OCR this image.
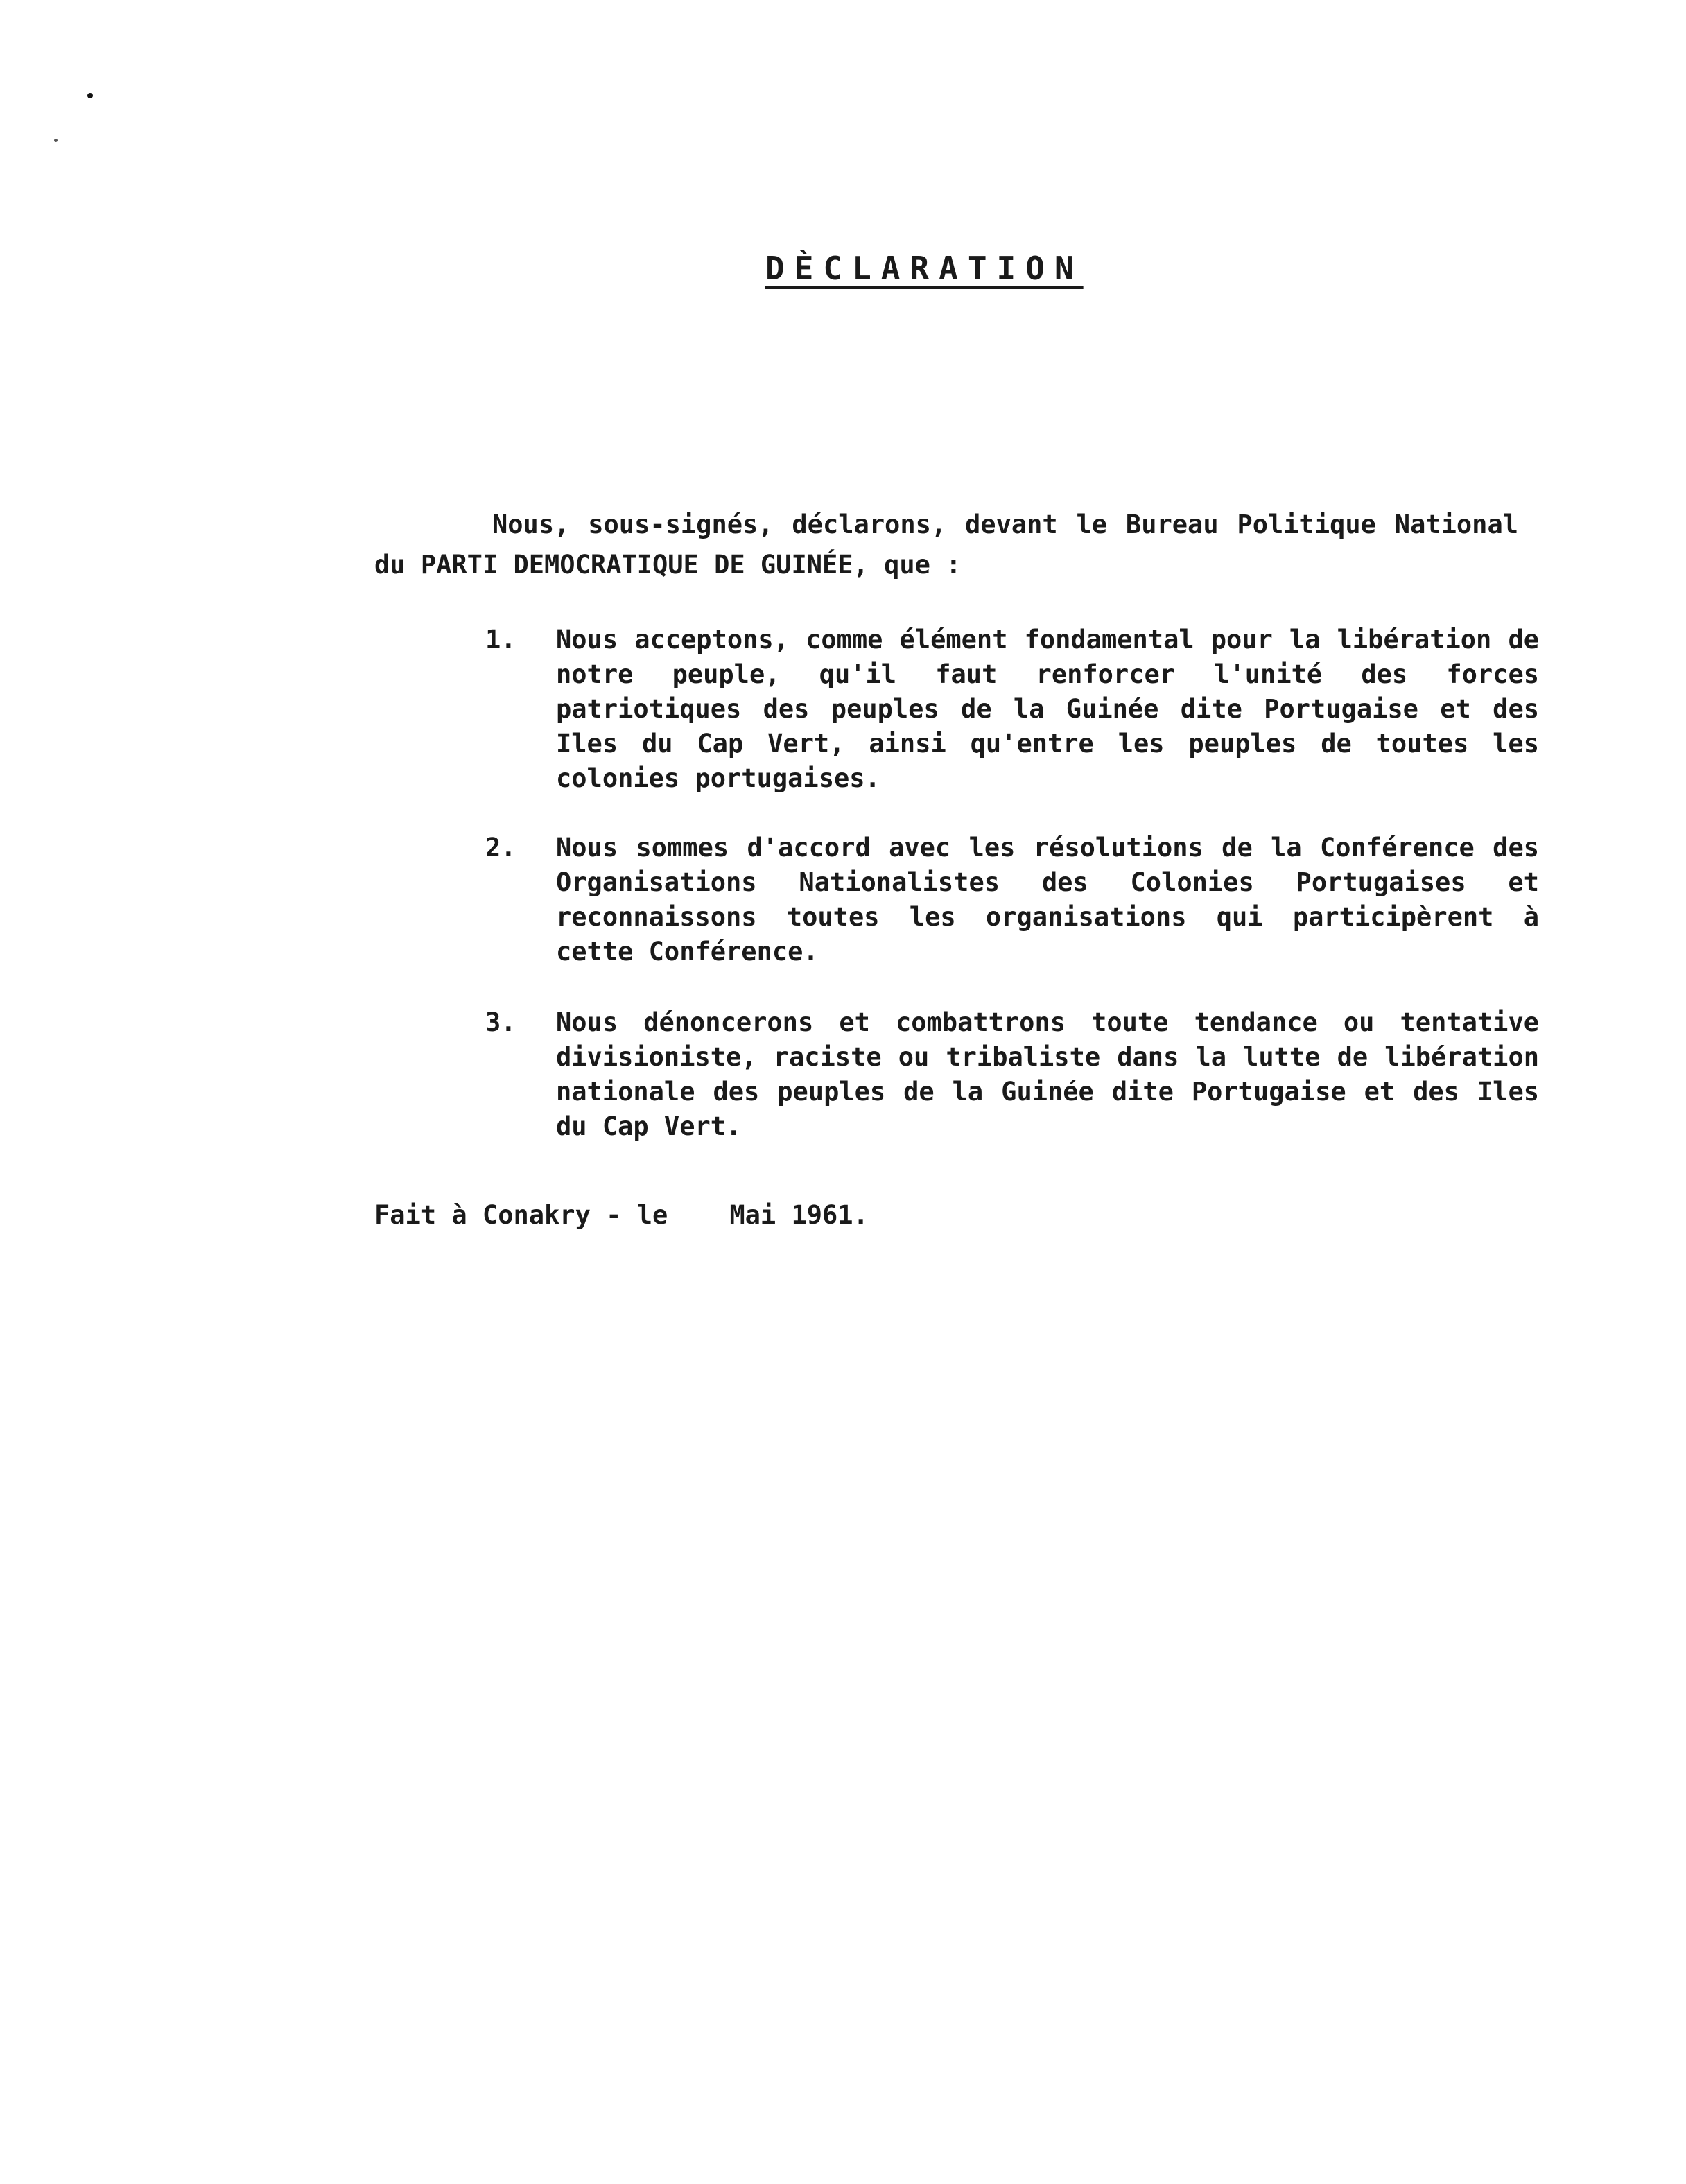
DÈCLARATION

Nous, sous-signés, déclarons, devant le Bureau Politique National du PARTI DEMOCRATIQUE DE GUINÉE, que :

1.	Nous acceptons, comme élément fondamental pour la libération de notre peuple, qu'il faut renforcer l'unité des forces patriotiques des peuples de la Guinée dite Portugaise et des Iles du Cap Vert, ainsi qu'entre les peuples de toutes les colonies portugaises.

2.	Nous sommes d'accord avec les résolutions de la Conférence des Organisations Nationalistes des Colonies Portugaises et reconnaissons toutes les organisations qui participèrent à cette Conférence.

3.	Nous dénoncerons et combattrons toute tendance ou tentative divisioniste, raciste ou tribaliste dans la lutte de libération nationale des peuples de la Guinée dite Portugaise et des Iles du Cap Vert.

Fait à Conakry - le    Mai 1961.
